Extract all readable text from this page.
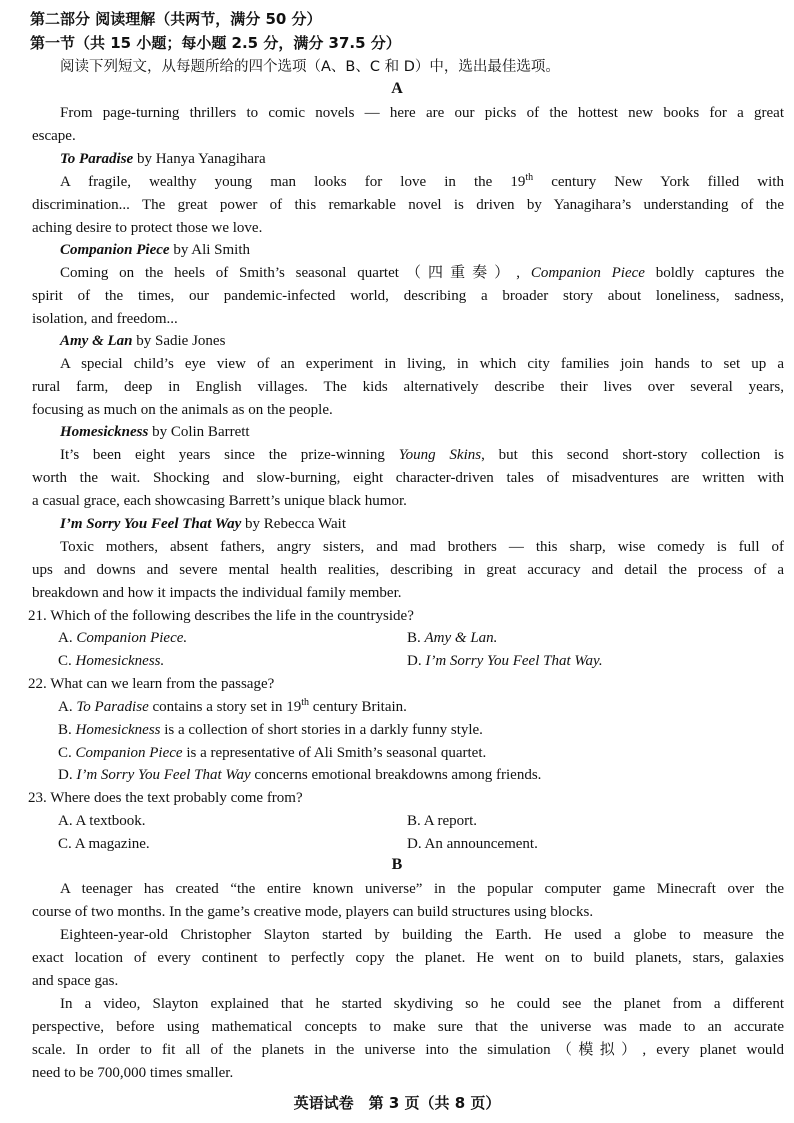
第二部分 阅读理解（共两节，满分 50 分）
第一节（共 15 小题；每小题 2.5 分，满分 37.5 分）
阅读下列短文，从每题所给的四个选项（A、B、C 和 D）中，选出最佳选项。
A
From page-turning thrillers to comic novels — here are our picks of the hottest new books for a great
escape.
To Paradise by Hanya Yanagihara
A fragile, wealthy young man looks for love in the 19th century New York filled with
discrimination... The great power of this remarkable novel is driven by Yanagihara’s understanding of the
aching desire to protect those we love.
Companion Piece by Ali Smith
Coming on the heels of Smith’s seasonal quartet（四重奏）, Companion Piece boldly captures the
spirit of the times, our pandemic-infected world, describing a broader story about loneliness, sadness,
isolation, and freedom...
Amy & Lan by Sadie Jones
A special child’s eye view of an experiment in living, in which city families join hands to set up a
rural farm, deep in English villages. The kids alternatively describe their lives over several years,
focusing as much on the animals as on the people.
Homesickness by Colin Barrett
It’s been eight years since the prize-winning Young Skins, but this second short-story collection is
worth the wait. Shocking and slow-burning, eight character-driven tales of misadventures are written with
a casual grace, each showcasing Barrett’s unique black humor.
I’m Sorry You Feel That Way by Rebecca Wait
Toxic mothers, absent fathers, angry sisters, and mad brothers — this sharp, wise comedy is full of
ups and downs and severe mental health realities, describing in great accuracy and detail the process of a
breakdown and how it impacts the individual family member.
21. Which of the following describes the life in the countryside?
A. Companion Piece.	B. Amy & Lan.
C. Homesickness.	D. I’m Sorry You Feel That Way.
22. What can we learn from the passage?
A. To Paradise contains a story set in 19th century Britain.
B. Homesickness is a collection of short stories in a darkly funny style.
C. Companion Piece is a representative of Ali Smith’s seasonal quartet.
D. I’m Sorry You Feel That Way concerns emotional breakdowns among friends.
23. Where does the text probably come from?
A. A textbook.	B. A report.
C. A magazine.	D. An announcement.
B
A teenager has created “the entire known universe” in the popular computer game Minecraft over the
course of two months. In the game’s creative mode, players can build structures using blocks.
Eighteen-year-old Christopher Slayton started by building the Earth. He used a globe to measure the
exact location of every continent to perfectly copy the planet. He went on to build planets, stars, galaxies
and space gas.
In a video, Slayton explained that he started skydiving so he could see the planet from a different
perspective, before using mathematical concepts to make sure that the universe was made to an accurate
scale. In order to fit all of the planets in the universe into the simulation（模拟）, every planet would
need to be 700,000 times smaller.
英语试卷　第 3 页（共 8 页）
